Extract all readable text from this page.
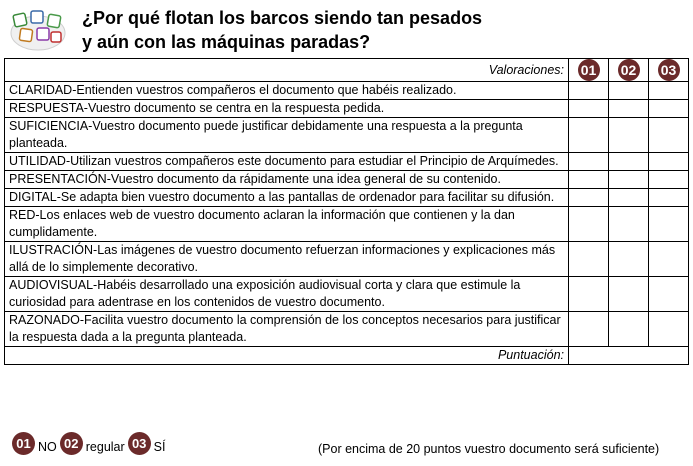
¿Por qué flotan los barcos siendo tan pesados
y aún con las máquinas paradas?
Valoraciones:	01	02	03
CLARIDAD-Entienden vuestros compañeros el documento que habéis realizado.			
RESPUESTA-Vuestro documento se centra en la respuesta pedida.			
SUFICIENCIA-Vuestro documento puede justificar debidamente una respuesta a la pregunta planteada.			
UTILIDAD-Utilizan vuestros compañeros este documento para estudiar el Principio de Arquímedes.			
PRESENTACIÓN-Vuestro documento da rápidamente una idea general de su contenido.			
DIGITAL-Se adapta bien vuestro documento a las pantallas de ordenador para facilitar su difusión.			
RED-Los enlaces web de vuestro documento aclaran la información que contienen y la dan cumplidamente.			
ILUSTRACIÓN-Las imágenes de vuestro documento refuerzan informaciones y explicaciones más allá de lo simplemente decorativo.			
AUDIOVISUAL-Habéis desarrollado una exposición audiovisual corta y clara que estimule la curiosidad para adentrase en los contenidos de vuestro documento.			
RAZONADO-Facilita vuestro documento la comprensión de los conceptos necesarios para justificar la respuesta dada a la pregunta planteada.			
Puntuación:			
01 NO 02 regular 03 SÍ	(Por encima de 20 puntos vuestro documento será suficiente)
